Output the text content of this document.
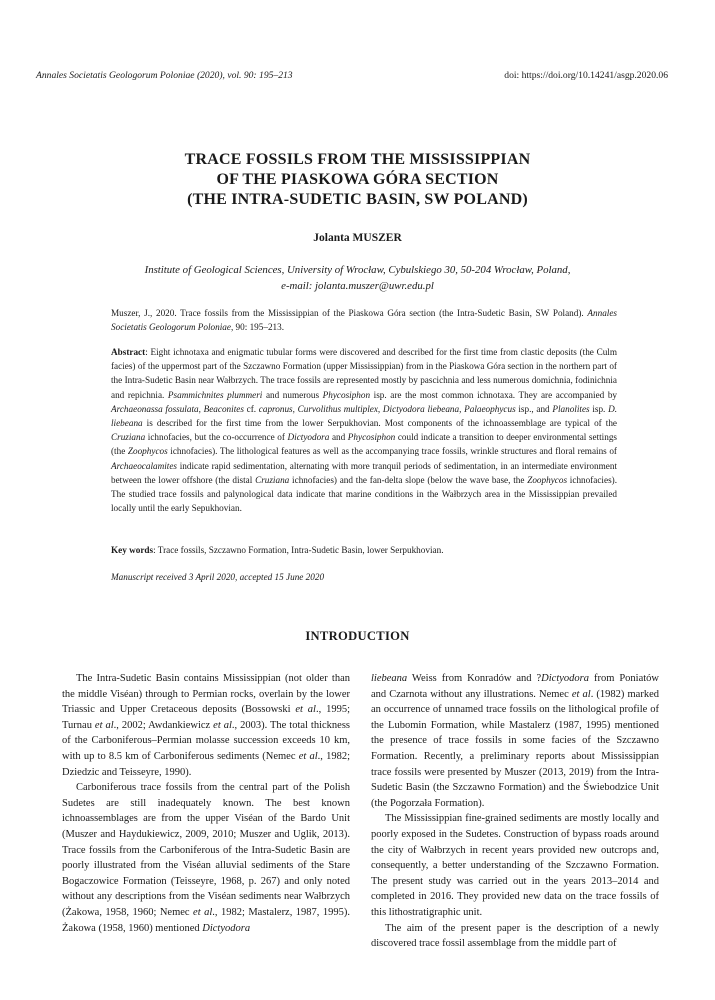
Annales Societatis Geologorum Poloniae (2020), vol. 90: 195–213	doi: https://doi.org/10.14241/asgp.2020.06
TRACE FOSSILS FROM THE MISSISSIPPIAN
OF THE PIASKOWA GÓRA SECTION
(THE INTRA-SUDETIC BASIN, SW POLAND)
Jolanta MUSZER
Institute of Geological Sciences, University of Wrocław, Cybulskiego 30, 50-204 Wrocław, Poland,
e-mail: jolanta.muszer@uwr.edu.pl
Muszer, J., 2020. Trace fossils from the Mississippian of the Piaskowa Góra section (the Intra-Sudetic Basin, SW Poland). Annales Societatis Geologorum Poloniae, 90: 195–213.
Abstract: Eight ichnotaxa and enigmatic tubular forms were discovered and described for the first time from clastic deposits (the Culm facies) of the uppermost part of the Szczawno Formation (upper Mississippian) from in the Piaskowa Góra section in the northern part of the Intra-Sudetic Basin near Wałbrzych. The trace fossils are represented mostly by pascichnia and less numerous domichnia, fodinichnia and repichnia. Psammichnites plummeri and numerous Phycosiphon isp. are the most common ichnotaxa. They are accompanied by Archaeonassa fossulata, Beaconites cf. capronus, Curvolithus multiplex, Dictyodora liebeana, Palaeophycus isp., and Planolites isp. D. liebeana is described for the first time from the lower Serpukhovian. Most components of the ichnoassemblage are typical of the Cruziana ichnofacies, but the co-occurrence of Dictyodora and Phycosiphon could indicate a transition to deeper environmental settings (the Zoophycos ichnofacies). The lithological features as well as the accompanying trace fossils, wrinkle structures and floral remains of Archaeocalamites indicate rapid sedimentation, alternating with more tranquil periods of sedimentation, in an intermediate environment between the lower offshore (the distal Cruziana ichnofacies) and the fan-delta slope (below the wave base, the Zoophycos ichnofacies). The studied trace fossils and palynological data indicate that marine conditions in the Wałbrzych area in the Mississippian prevailed locally until the early Sepukhovian.
Key words: Trace fossils, Szczawno Formation, Intra-Sudetic Basin, lower Serpukhovian.
Manuscript received 3 April 2020, accepted 15 June 2020
INTRODUCTION

The Intra-Sudetic Basin contains Mississippian (not older than the middle Viséan) through to Permian rocks, overlain by the lower Triassic and Upper Cretaceous deposits (Bossowski et al., 1995; Turnau et al., 2002; Awdankiewicz et al., 2003). The total thickness of the Carboniferous–Permian molasse succession exceeds 10 km, with up to 8.5 km of Carboniferous sediments (Nemec et al., 1982; Dziedzic and Teisseyre, 1990).

Carboniferous trace fossils from the central part of the Polish Sudetes are still inadequately known. The best known ichnoassemblages are from the upper Viséan of the Bardo Unit (Muszer and Haydukiewicz, 2009, 2010; Muszer and Uglik, 2013). Trace fossils from the Carboniferous of the Intra-Sudetic Basin are poorly illustrated from the Viséan alluvial sediments of the Stare Bogaczowice Formation (Teisseyre, 1968, p. 267) and only noted without any descriptions from the Viséan sediments near Wałbrzych (Żakowa, 1958, 1960; Nemec et al., 1982; Mastalerz, 1987, 1995). Żakowa (1958, 1960) mentioned Dictyodora

liebeana Weiss from Konradów and ?Dictyodora from Poniatów and Czarnota without any illustrations. Nemec et al. (1982) marked an occurrence of unnamed trace fossils on the lithological profile of the Lubomin Formation, while Mastalerz (1987, 1995) mentioned the presence of trace fossils in some facies of the Szczawno Formation. Recently, a preliminary reports about Mississippian trace fossils were presented by Muszer (2013, 2019) from the Intra-Sudetic Basin (the Szczawno Formation) and the Świebodzice Unit (the Pogorzała Formation).

The Mississippian fine-grained sediments are mostly locally and poorly exposed in the Sudetes. Construction of bypass roads around the city of Wałbrzych in recent years provided new outcrops and, consequently, a better understanding of the Szczawno Formation. The present study was carried out in the years 2013–2014 and completed in 2016. They provided new data on the trace fossils of this lithostratigraphic unit.

The aim of the present paper is the description of a newly discovered trace fossil assemblage from the middle part of
